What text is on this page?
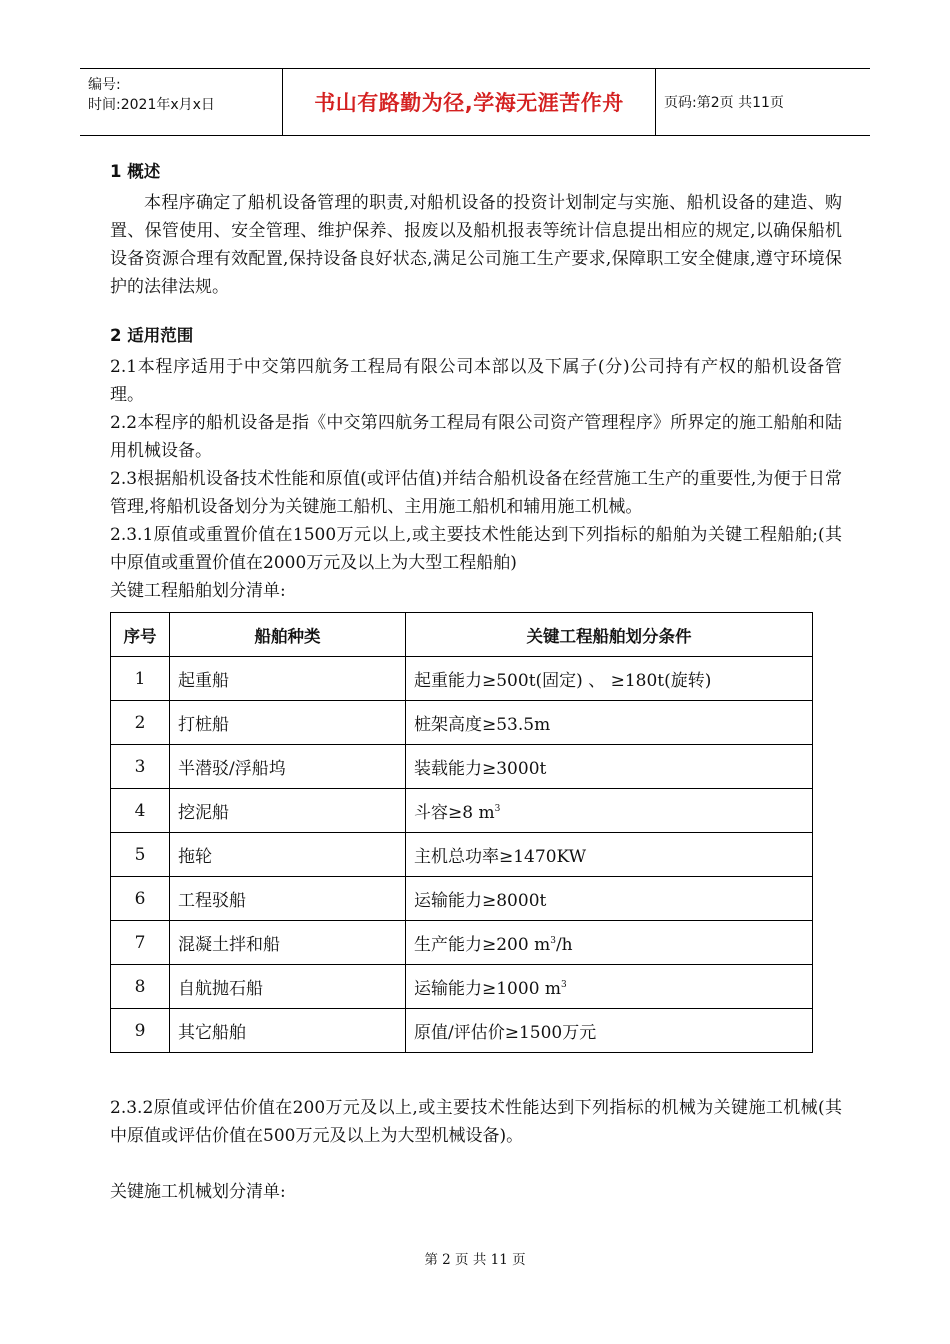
编号:
时间:2021年x月x日	书山有路勤为径,学海无涯苦作舟	页码:第2页 共11页

1 概述

本程序确定了船机设备管理的职责,对船机设备的投资计划制定与实施、船机设备的建造、购置、保管使用、安全管理、维护保养、报废以及船机报表等统计信息提出相应的规定,以确保船机设备资源合理有效配置,保持设备良好状态,满足公司施工生产要求,保障职工安全健康,遵守环境保护的法律法规。

2 适用范围

2.1本程序适用于中交第四航务工程局有限公司本部以及下属子(分)公司持有产权的船机设备管理。

2.2本程序的船机设备是指《中交第四航务工程局有限公司资产管理程序》所界定的施工船舶和陆用机械设备。

2.3根据船机设备技术性能和原值(或评估值)并结合船机设备在经营施工生产的重要性,为便于日常管理,将船机设备划分为关键施工船机、主用施工船机和辅用施工机械。

2.3.1原值或重置价值在1500万元以上,或主要技术性能达到下列指标的船舶为关键工程船舶;(其中原值或重置价值在2000万元及以上为大型工程船舶)

关键工程船舶划分清单:

序号	船舶种类	关键工程船舶划分条件
1	起重船	起重能力≥500t(固定) 、 ≥180t(旋转)
2	打桩船	桩架高度≥53.5m
3	半潜驳/浮船坞	装载能力≥3000t
4	挖泥船	斗容≥8 $m^3$
5	拖轮	主机总功率≥1470KW
6	工程驳船	运输能力≥8000t
7	混凝土拌和船	生产能力≥200 $m^3/h$
8	自航抛石船	运输能力≥1000 $m^3$
9	其它船舶	原值/评估价≥1500万元

2.3.2原值或评估价值在200万元及以上,或主要技术性能达到下列指标的机械为关键施工机械(其中原值或评估价值在500万元及以上为大型机械设备)。

关键施工机械划分清单:

第 2 页 共 11 页
